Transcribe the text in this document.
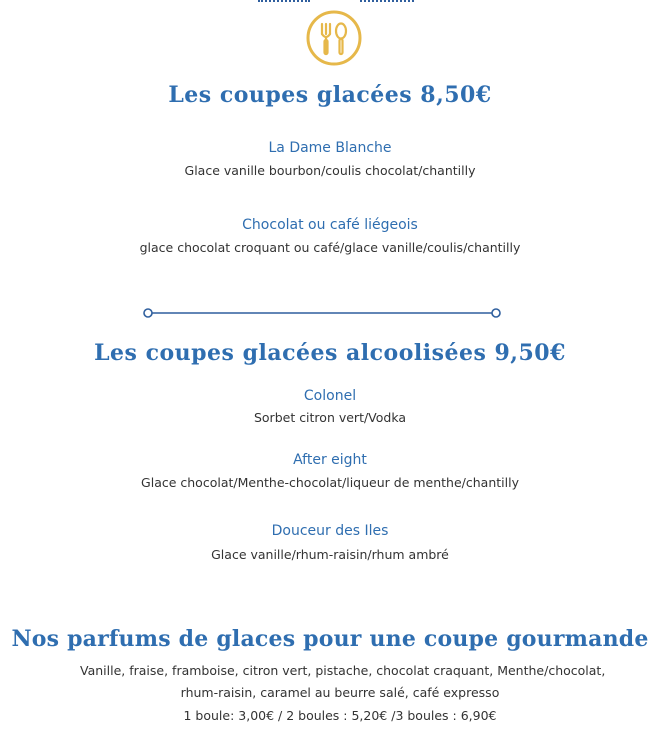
Les coupes glacées 8,50€
La Dame Blanche
Glace vanille bourbon/coulis chocolat/chantilly
Chocolat ou café liégeois
glace chocolat croquant ou café/glace vanille/coulis/chantilly
Les coupes glacées alcoolisées 9,50€
Colonel
Sorbet citron vert/Vodka
After eight
Glace chocolat/Menthe-chocolat/liqueur de menthe/chantilly
Douceur des Iles
Glace vanille/rhum-raisin/rhum ambré
Nos parfums de glaces pour une coupe gourmande
Vanille, fraise, framboise, citron vert, pistache, chocolat craquant, Menthe/chocolat,
rhum-raisin, caramel au beurre salé, café expresso
1 boule: 3,00€ / 2 boules : 5,20€ /3 boules : 6,90€
